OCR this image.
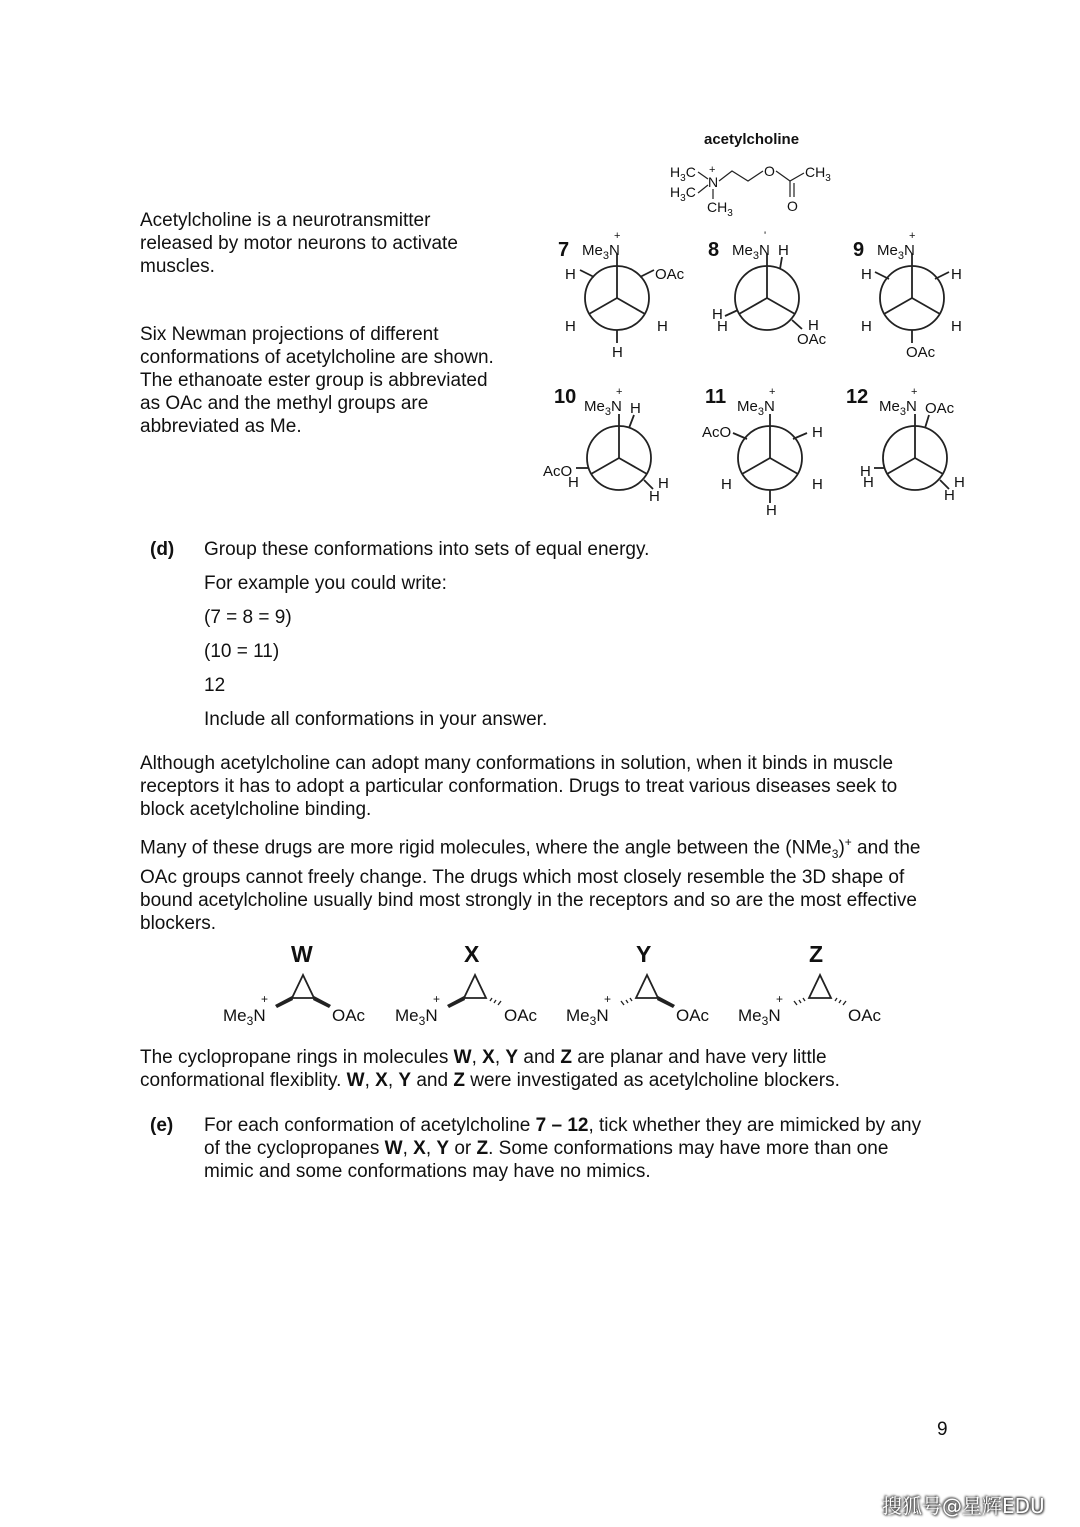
acetylcholine
$H_3C$
$H_3C$
N
+
$CH_3$
O
O
$CH_3$
Acetylcholine is a neurotransmitter
released by motor neurons to activate
muscles.
Six Newman projections of different
conformations of acetylcholine are shown.
The ethanoate ester group is abbreviated
as OAc and the methyl groups are
abbreviated as Me.
7 $Me_3N$
+
H	OAc
H	H
H
8 $Me_3N$
'
H
H
H	H
OAc
9 $Me_3N$
+
H	H
H	H
OAc
10 $Me_3N$
+
H
AcO
H	H
H
11 $Me_3N$
+
AcO	H
H	H
H
12 $Me_3N$
+
OAc
H
H	H
H
(d) Group these conformations into sets of equal energy.
For example you could write:
(7 = 8 = 9)
(10 = 11)
12
Include all conformations in your answer.
Although acetylcholine can adopt many conformations in solution, when it binds in muscle
receptors it has to adopt a particular conformation. Drugs to treat various diseases seek to
block acetylcholine binding.
Many of these drugs are more rigid molecules, where the angle between the (NMe$_3$)+ and the
OAc groups cannot freely change. The drugs which most closely resemble the 3D shape of
bound acetylcholine usually bind most strongly in the receptors and so are the most effective
blockers.
W
$Me_3N$
+
OAc
X
$Me_3N$
+
OAc
Y
$Me_3N$
+
OAc
Z
$Me_3N$
+
OAc
The cyclopropane rings in molecules W, X, Y and Z are planar and have very little
conformational flexiblity. W, X, Y and Z were investigated as acetylcholine blockers.
(e) For each conformation of acetylcholine 7 – 12, tick whether they are mimicked by any
of the cyclopropanes W, X, Y or Z. Some conformations may have more than one
mimic and some conformations may have no mimics.
9
搜狐号@星辉EDU
